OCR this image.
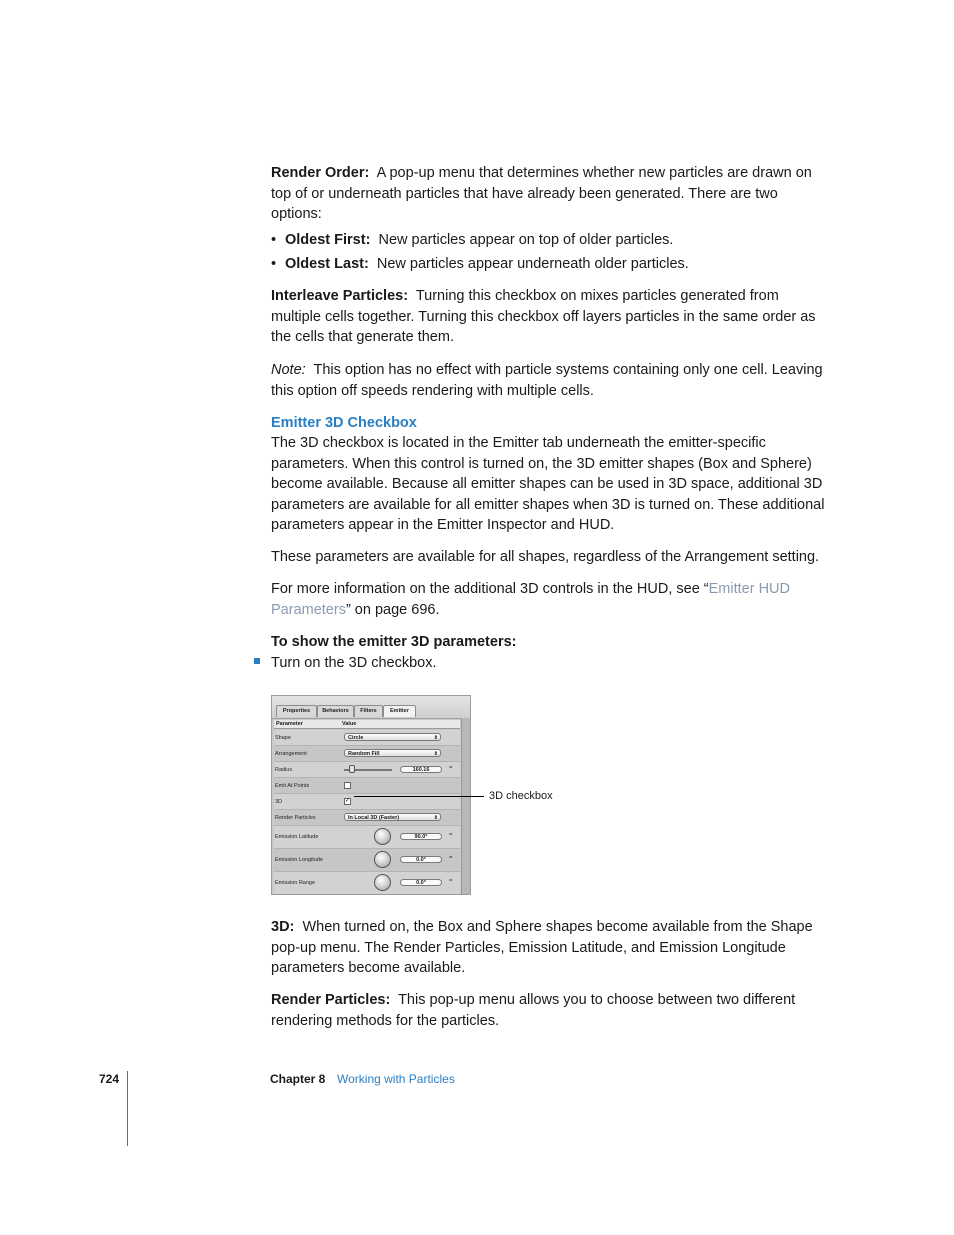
Render Order: A pop-up menu that determines whether new particles are drawn on top of or underneath particles that have already been generated. There are two options:
• Oldest First: New particles appear on top of older particles.
• Oldest Last: New particles appear underneath older particles.
Interleave Particles: Turning this checkbox on mixes particles generated from multiple cells together. Turning this checkbox off layers particles in the same order as the cells that generate them.
Note: This option has no effect with particle systems containing only one cell. Leaving this option off speeds rendering with multiple cells.
Emitter 3D Checkbox
The 3D checkbox is located in the Emitter tab underneath the emitter-specific parameters. When this control is turned on, the 3D emitter shapes (Box and Sphere) become available. Because all emitter shapes can be used in 3D space, additional 3D parameters are available for all emitter shapes when 3D is turned on. These additional parameters appear in the Emitter Inspector and HUD.
These parameters are available for all shapes, regardless of the Arrangement setting.
For more information on the additional 3D controls in the HUD, see “Emitter HUD Parameters” on page 696.
To show the emitter 3D parameters:
Turn on the 3D checkbox.
Properties	Behaviors	Filters	Emitter
Parameter	Value
Shape	Circle	⇕
Arrangement	Random Fill	⇕
Radius	160.16	=
Emit At Points
3D	✓
Render Particles	In Local 3D (Faster)	⇕
Emission Latitude	90.0°	=
Emission Longitude	0.0°	=
Emission Range	0.0°	=
3D checkbox
3D: When turned on, the Box and Sphere shapes become available from the Shape pop-up menu. The Render Particles, Emission Latitude, and Emission Longitude parameters become available.
Render Particles: This pop-up menu allows you to choose between two different rendering methods for the particles.
724	Chapter 8 Working with Particles
